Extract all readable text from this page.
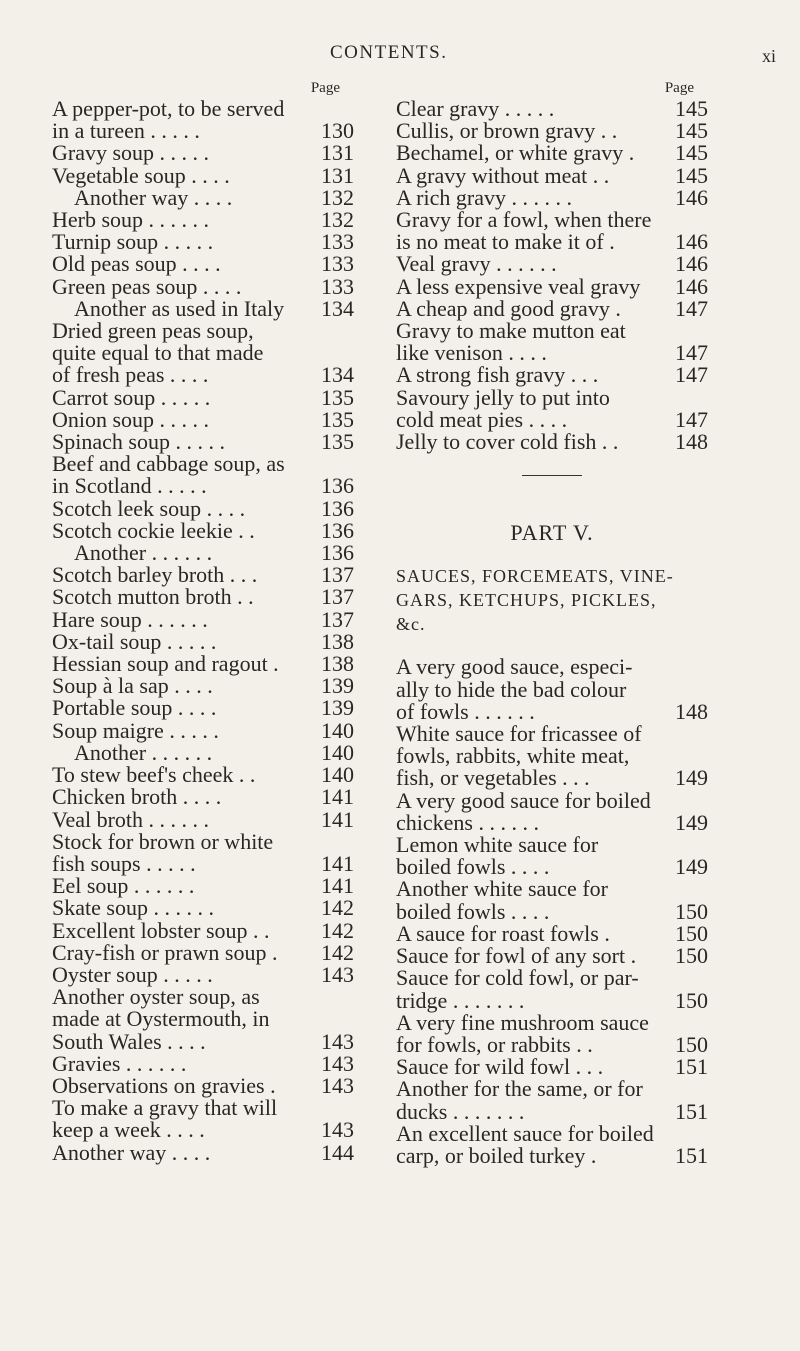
CONTENTS.	xi
Page
A pepper-pot, to be served
130
in a tureen . . . . .
131
Gravy soup . . . . .
131
Vegetable soup . . . .
132
Another way . . . .
132
Herb soup . . . . . .
133
Turnip soup . . . . .
133
Old peas soup . . . .
133
Green peas soup . . . .
134
Another as used in Italy
Dried green peas soup,
quite equal to that made
134
of fresh peas . . . .
135
Carrot soup . . . . .
135
Onion soup . . . . .
135
Spinach soup . . . . .
Beef and cabbage soup, as
136
in Scotland . . . . .
136
Scotch leek soup . . . .
136
Scotch cockie leekie . .
136
Another . . . . . .
137
Scotch barley broth . . .
137
Scotch mutton broth . .
137
Hare soup . . . . . .
138
Ox-tail soup . . . . .
138
Hessian soup and ragout .
139
Soup à la sap . . . .
139
Portable soup . . . .
140
Soup maigre . . . . .
140
Another . . . . . .
140
To stew beef's cheek . .
141
Chicken broth . . . .
141
Veal broth . . . . . .
Stock for brown or white
141
fish soups . . . . .
141
Eel soup . . . . . .
142
Skate soup . . . . . .
142
Excellent lobster soup . .
142
Cray-fish or prawn soup .
143
Oyster soup . . . . .
Another oyster soup, as
made at Oystermouth, in
143
South Wales . . . .
143
Gravies . . . . . .
143
Observations on gravies .
To make a gravy that will
143
keep a week . . . .
144
Another way . . . .
Page
145
Clear gravy . . . . .
145
Cullis, or brown gravy . .
145
Bechamel, or white gravy .
145
A gravy without meat . .
146
A rich gravy . . . . . .
Gravy for a fowl, when there
146
is no meat to make it of .
146
Veal gravy . . . . . .
146
A less expensive veal gravy
147
A cheap and good gravy .
Gravy to make mutton eat
147
like venison . . . .
147
A strong fish gravy . . .
Savoury jelly to put into
147
cold meat pies . . . .
148
Jelly to cover cold fish . .
PART V.
SAUCES, FORCEMEATS, VINE-
GARS, KETCHUPS, PICKLES,
&c.
A very good sauce, especi-
ally to hide the bad colour
148
of fowls . . . . . .
White sauce for fricassee of
fowls, rabbits, white meat,
149
fish, or vegetables . . .
A very good sauce for boiled
149
chickens . . . . . .
Lemon white sauce for
149
boiled fowls . . . .
Another white sauce for
150
boiled fowls . . . .
150
A sauce for roast fowls .
150
Sauce for fowl of any sort .
Sauce for cold fowl, or par-
150
tridge . . . . . . .
A very fine mushroom sauce
150
for fowls, or rabbits . .
151
Sauce for wild fowl . . .
Another for the same, or for
151
ducks . . . . . . .
An excellent sauce for boiled
151
carp, or boiled turkey .
